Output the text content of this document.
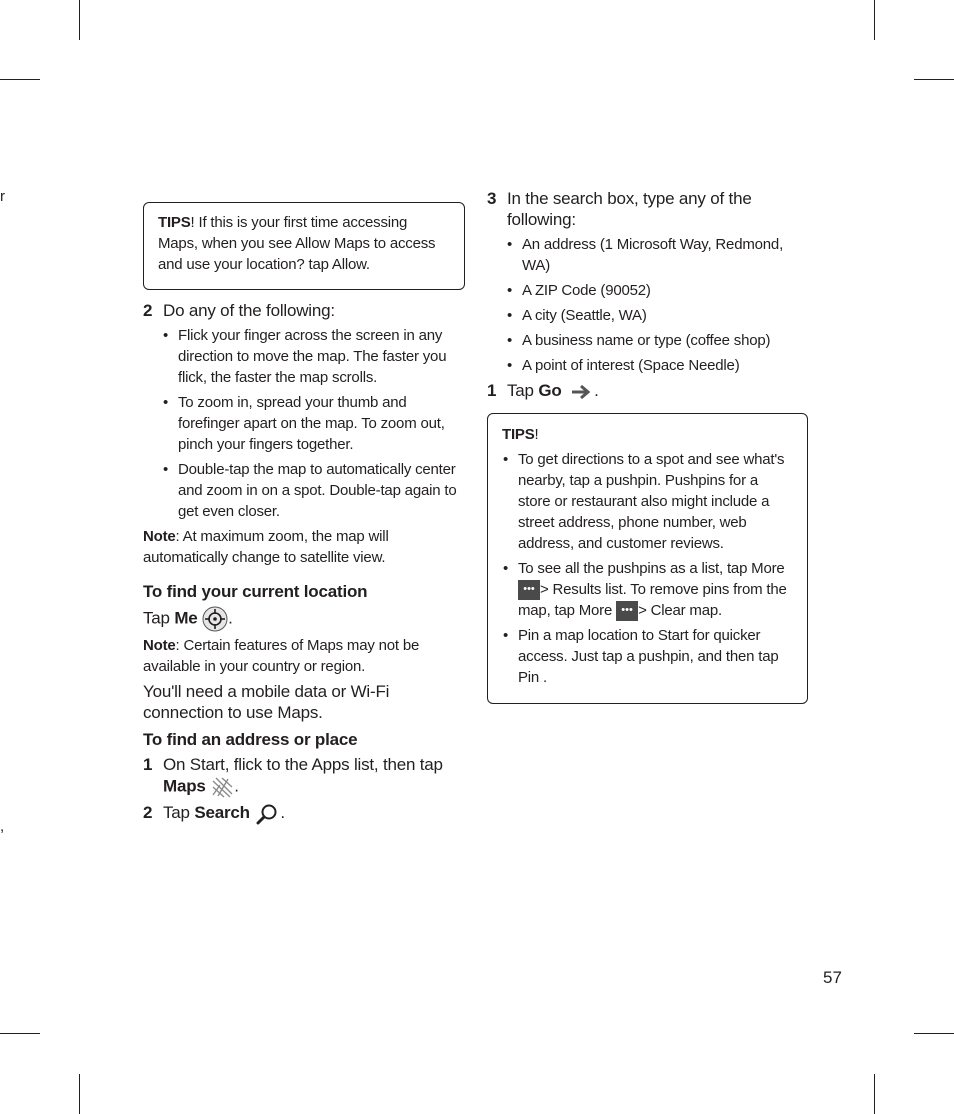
r
,
TIPS! If this is your first time accessing Maps, when you see Allow Maps to access and use your location? tap Allow.
2 Do any of the following:
• Flick your finger across the screen in any direction to move the map. The faster you flick, the faster the map scrolls.
• To zoom in, spread your thumb and forefinger apart on the map. To zoom out, pinch your fingers together.
• Double-tap the map to automatically center and zoom in on a spot. Double-tap again to get even closer.
Note: At maximum zoom, the map will automatically change to satellite view.
To find your current location
Tap Me .
Note: Certain features of Maps may not be available in your country or region.
You'll need a mobile data or Wi-Fi connection to use Maps.
To find an address or place
1 On Start, flick to the Apps list, then tap Maps .
2 Tap Search .
3 In the search box, type any of the following:
• An address (1 Microsoft Way, Redmond, WA)
• A ZIP Code (90052)
• A city (Seattle, WA)
• A business name or type (coffee shop)
• A point of interest (Space Needle)
1 Tap Go .
TIPS!
• To get directions to a spot and see what's nearby, tap a pushpin. Pushpins for a store or restaurant also might include a street address, phone number, web address, and customer reviews.
• To see all the pushpins as a list, tap More ••• > Results list. To remove pins from the map, tap More ••• > Clear map.
• Pin a map location to Start for quicker access. Just tap a pushpin, and then tap Pin .
57
